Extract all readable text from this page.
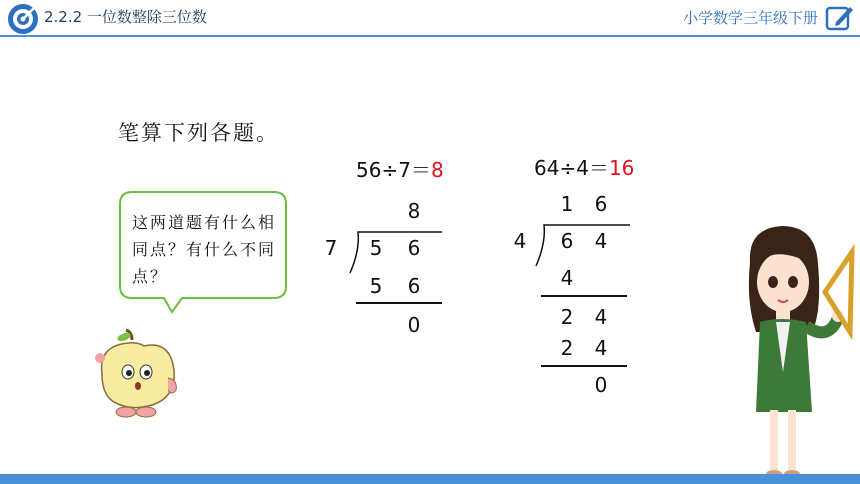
2.2.2 一位数整除三位数	小学数学三年级下册
笔算下列各题。
56÷7＝8
8
7 5 6
5 6
0
64÷4＝16
1 6
4 6 4
4
2 4
2 4
0
这两道题有什么相同点？有什么不同点？
